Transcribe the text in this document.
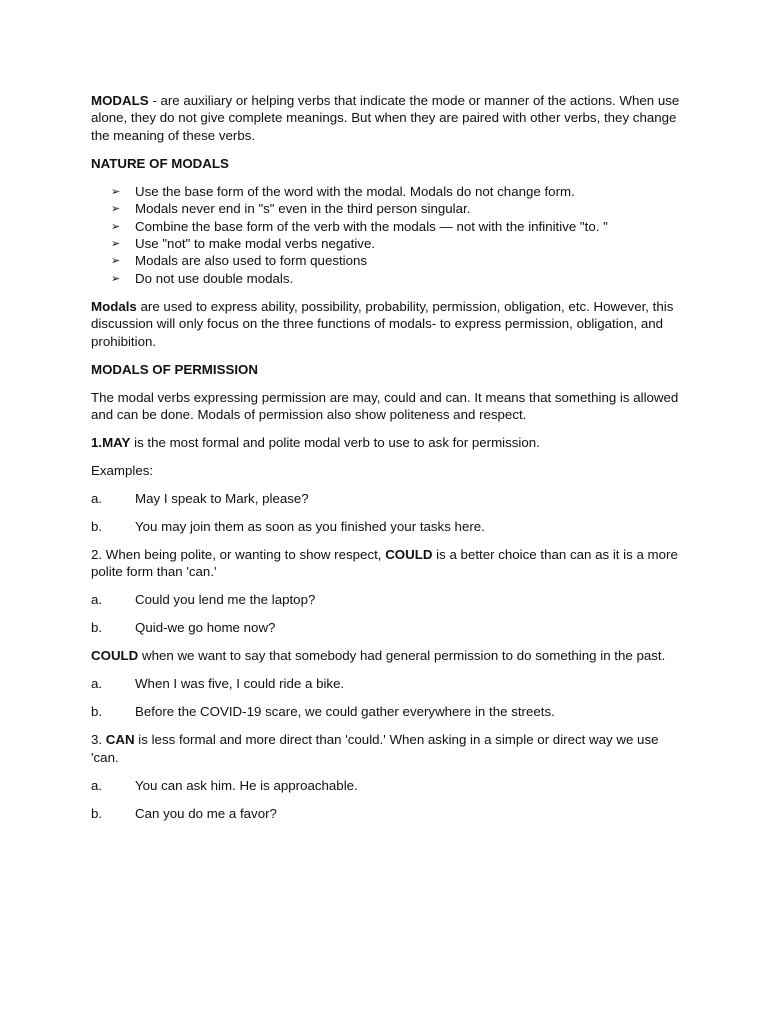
MODALS - are auxiliary or helping verbs that indicate the mode or manner of the actions. When use alone, they do not give complete meanings. But when they are paired with other verbs, they change the meaning of these verbs.

NATURE OF MODALS

➢ Use the base form of the word with the modal. Modals do not change form.
➢ Modals never end in "s" even in the third person singular.
➢ Combine the base form of the verb with the modals — not with the infinitive "to. "
➢ Use "not" to make modal verbs negative.
➢ Modals are also used to form questions
➢ Do not use double modals.

Modals are used to express ability, possibility, probability, permission, obligation, etc. However, this discussion will only focus on the three functions of modals- to express permission, obligation, and prohibition.

MODALS OF PERMISSION

The modal verbs expressing permission are may, could and can. It means that something is allowed and can be done. Modals of permission also show politeness and respect.

1.MAY is the most formal and polite modal verb to use to ask for permission.

Examples:

a.	May I speak to Mark, please?
b.	You may join them as soon as you finished your tasks here.

2. When being polite, or wanting to show respect, COULD is a better choice than can as it is a more polite form than 'can.'

a.	Could you lend me the laptop?
b.	Quid-we go home now?

COULD when we want to say that somebody had general permission to do something in the past.

a.	When I was five, I could ride a bike.
b.	Before the COVID-19 scare, we could gather everywhere in the streets.

3. CAN is less formal and more direct than 'could.' When asking in a simple or direct way we use 'can.

a.	You can ask him. He is approachable.
b.	Can you do me a favor?
